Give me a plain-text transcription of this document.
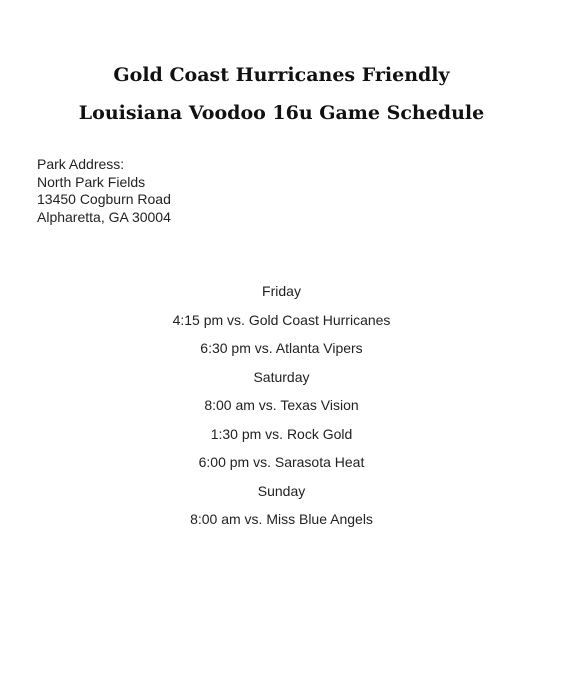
Gold Coast Hurricanes Friendly
Louisiana Voodoo 16u Game Schedule
Park Address:
North Park Fields
13450 Cogburn Road
Alpharetta, GA 30004
Friday
4:15 pm vs. Gold Coast Hurricanes
6:30 pm vs. Atlanta Vipers
Saturday
8:00 am vs. Texas Vision
1:30 pm vs. Rock Gold
6:00 pm vs. Sarasota Heat
Sunday
8:00 am vs. Miss Blue Angels
